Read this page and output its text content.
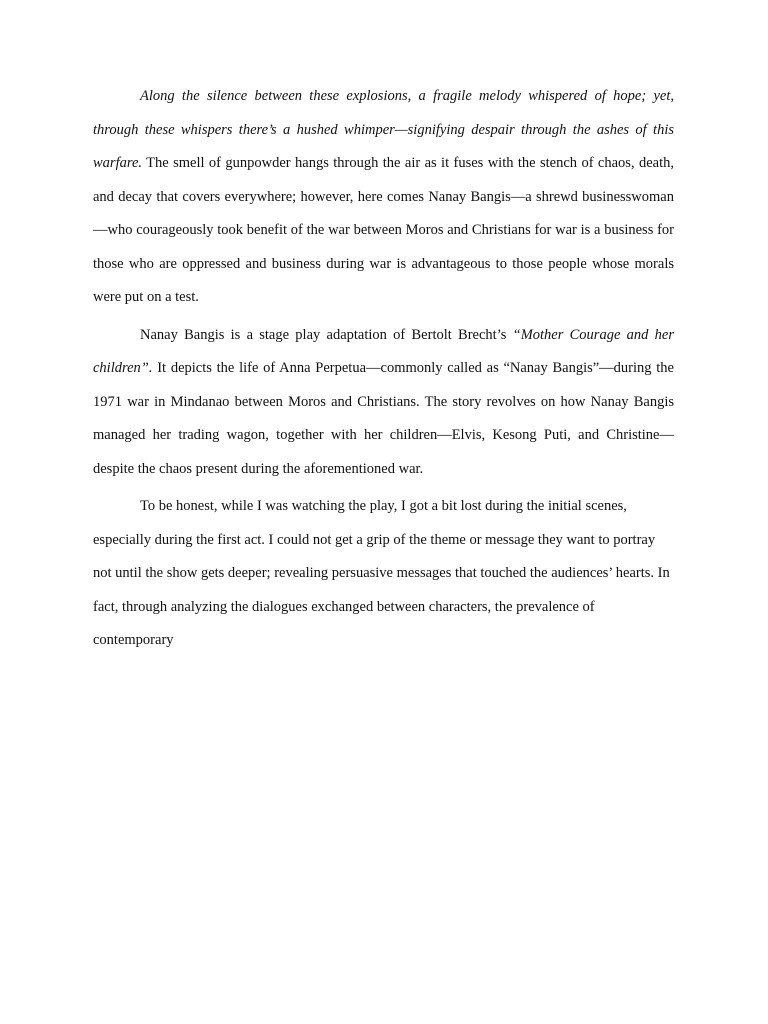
Along the silence between these explosions, a fragile melody whispered of hope; yet, through these whispers there’s a hushed whimper—signifying despair through the ashes of this warfare. The smell of gunpowder hangs through the air as it fuses with the stench of chaos, death, and decay that covers everywhere; however, here comes Nanay Bangis—a shrewd businesswoman—who courageously took benefit of the war between Moros and Christians for war is a business for those who are oppressed and business during war is advantageous to those people whose morals were put on a test.

Nanay Bangis is a stage play adaptation of Bertolt Brecht’s “Mother Courage and her children”. It depicts the life of Anna Perpetua—commonly called as “Nanay Bangis”—during the 1971 war in Mindanao between Moros and Christians. The story revolves on how Nanay Bangis managed her trading wagon, together with her children—Elvis, Kesong Puti, and Christine—despite the chaos present during the aforementioned war.

To be honest, while I was watching the play, I got a bit lost during the initial scenes, especially during the first act. I could not get a grip of the theme or message they want to portray not until the show gets deeper; revealing persuasive messages that touched the audiences’ hearts. In fact, through analyzing the dialogues exchanged between characters, the prevalence of contemporary
